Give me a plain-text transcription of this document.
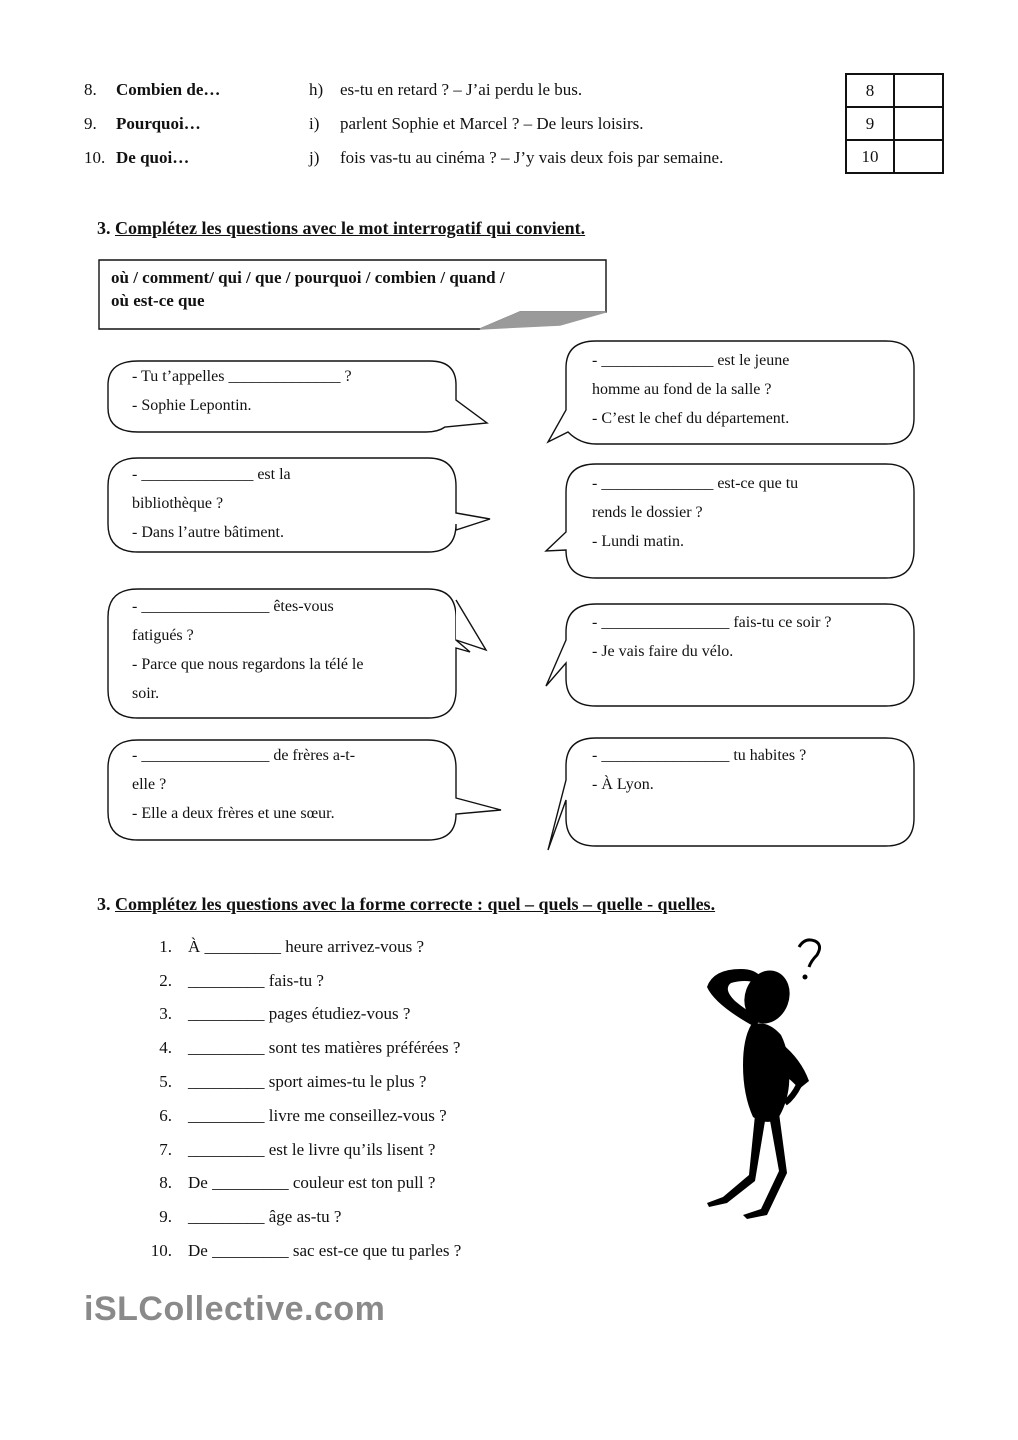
8.	Combien de…	h) es-tu en retard ? – J’ai perdu le bus.
9.	Pourquoi…	i) parlent Sophie et Marcel ? – De leurs loisirs.
10. De quoi…	j) fois vas-tu au cinéma ? – J’y vais deux fois par semaine.
8	
9	
10	
3. Complétez les questions avec le mot interrogatif qui convient.
où / comment/ qui / que / pourquoi / combien / quand /
où est-ce que
- Tu t’appelles ______________ ?
- Sophie Lepontin.
- ______________ est le jeune
homme au fond de la salle ?
- C’est le chef du département.
- ______________ est la
bibliothèque ?
- Dans l’autre bâtiment.
- ______________ est-ce que tu
rends le dossier ?
- Lundi matin.
- ________________ êtes-vous
fatigués ?
- Parce que nous regardons la télé le
soir.
- ________________ fais-tu ce soir ?
- Je vais faire du vélo.
- ________________ de frères a-t-
elle ?
- Elle a deux frères et une sœur.
- ________________ tu habites ?
- À Lyon.
3. Complétez les questions avec la forme correcte : quel – quels – quelle - quelles.
1. À _________ heure arrivez-vous ?
2. _________ fais-tu ?
3. _________ pages étudiez-vous ?
4. _________ sont tes matières préférées ?
5. _________ sport aimes-tu le plus ?
6. _________ livre me conseillez-vous ?
7. _________ est le livre qu’ils lisent ?
8. De _________ couleur est ton pull ?
9. _________ âge as-tu ?
10. De _________ sac est-ce que tu parles ?
iSLCollective.com
